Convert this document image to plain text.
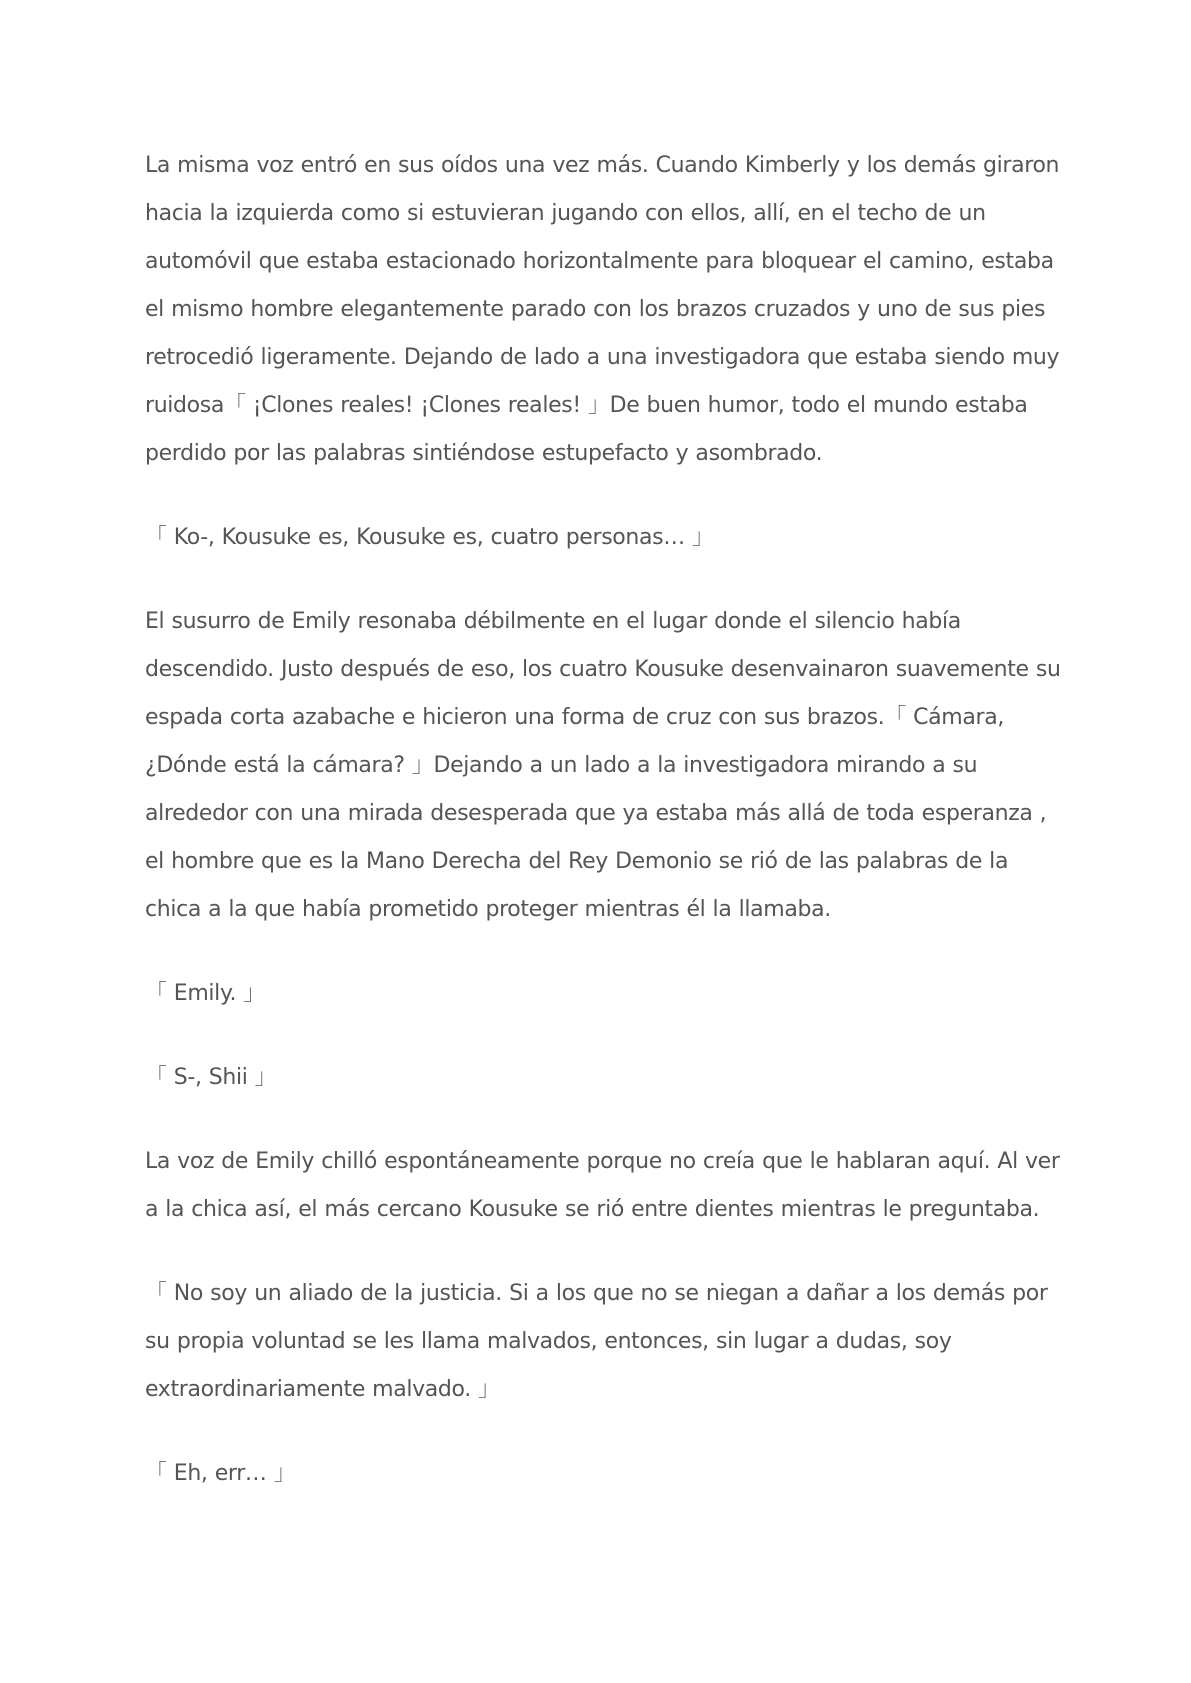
La misma voz entró en sus oídos una vez más. Cuando Kimberly y los demás giraron hacia la izquierda como si estuvieran jugando con ellos, allí, en el techo de un automóvil que estaba estacionado horizontalmente para bloquear el camino, estaba el mismo hombre elegantemente parado con los brazos cruzados y uno de sus pies retrocedió ligeramente. Dejando de lado a una investigadora que estaba siendo muy ruidosa「 ¡Clones reales! ¡Clones reales! 」De buen humor, todo el mundo estaba perdido por las palabras sintiéndose estupefacto y asombrado.

「 Ko-, Kousuke es, Kousuke es, cuatro personas… 」

El susurro de Emily resonaba débilmente en el lugar donde el silencio había descendido. Justo después de eso, los cuatro Kousuke desenvainaron suavemente su espada corta azabache e hicieron una forma de cruz con sus brazos.「 Cámara, ¿Dónde está la cámara? 」Dejando a un lado a la investigadora mirando a su alrededor con una mirada desesperada que ya estaba más allá de toda esperanza , el hombre que es la Mano Derecha del Rey Demonio se rió de las palabras de la chica a la que había prometido proteger mientras él la llamaba.

「 Emily. 」

「 S-, Shii 」

La voz de Emily chilló espontáneamente porque no creía que le hablaran aquí. Al ver a la chica así, el más cercano Kousuke se rió entre dientes mientras le preguntaba.

「 No soy un aliado de la justicia. Si a los que no se niegan a dañar a los demás por su propia voluntad se les llama malvados, entonces, sin lugar a dudas, soy extraordinariamente malvado. 」

「 Eh, err… 」
